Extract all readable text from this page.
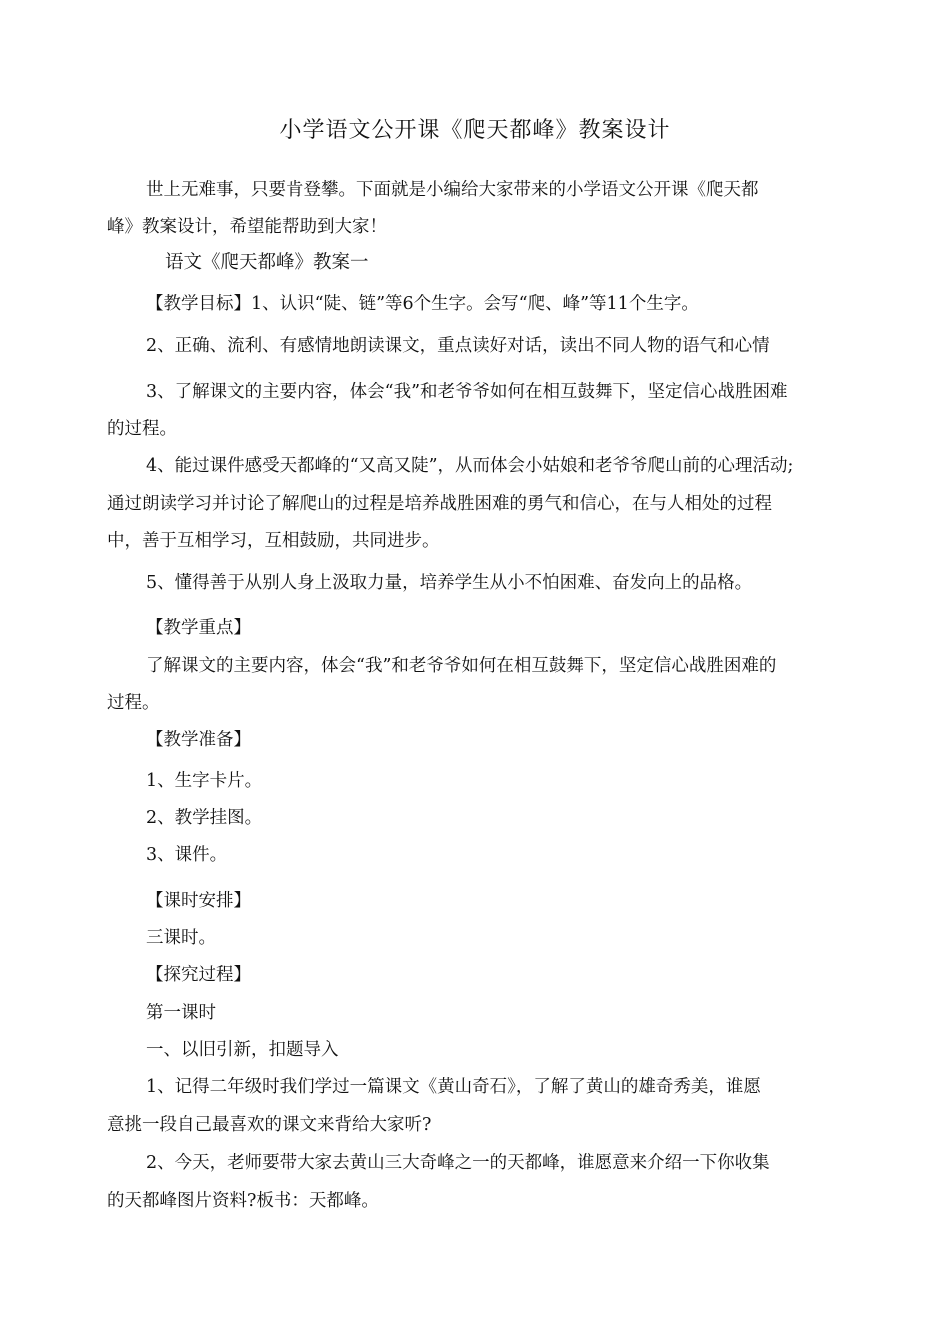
小学语文公开课《爬天都峰》教案设计
世上无难事，只要肯登攀。下面就是小编给大家带来的小学语文公开课《爬天都
峰》教案设计，希望能帮助到大家！
语文《爬天都峰》教案一
【教学目标】1、认识“陡、链”等6个生字。会写“爬、峰”等11个生字。
2、正确、流利、有感情地朗读课文，重点读好对话，读出不同人物的语气和心情
3、了解课文的主要内容，体会“我”和老爷爷如何在相互鼓舞下，坚定信心战胜困难
的过程。
4、能过课件感受天都峰的“又高又陡”，从而体会小姑娘和老爷爷爬山前的心理活动;
通过朗读学习并讨论了解爬山的过程是培养战胜困难的勇气和信心，在与人相处的过程
中，善于互相学习，互相鼓励，共同进步。
5、懂得善于从别人身上汲取力量，培养学生从小不怕困难、奋发向上的品格。
【教学重点】
了解课文的主要内容，体会“我”和老爷爷如何在相互鼓舞下，坚定信心战胜困难的
过程。
【教学准备】
1、生字卡片。
2、教学挂图。
3、课件。
【课时安排】
三课时。
【探究过程】
第一课时
一、以旧引新，扣题导入
1、记得二年级时我们学过一篇课文《黄山奇石》，了解了黄山的雄奇秀美，谁愿
意挑一段自己最喜欢的课文来背给大家听?
2、今天，老师要带大家去黄山三大奇峰之一的天都峰，谁愿意来介绍一下你收集
的天都峰图片资料?板书：天都峰。
